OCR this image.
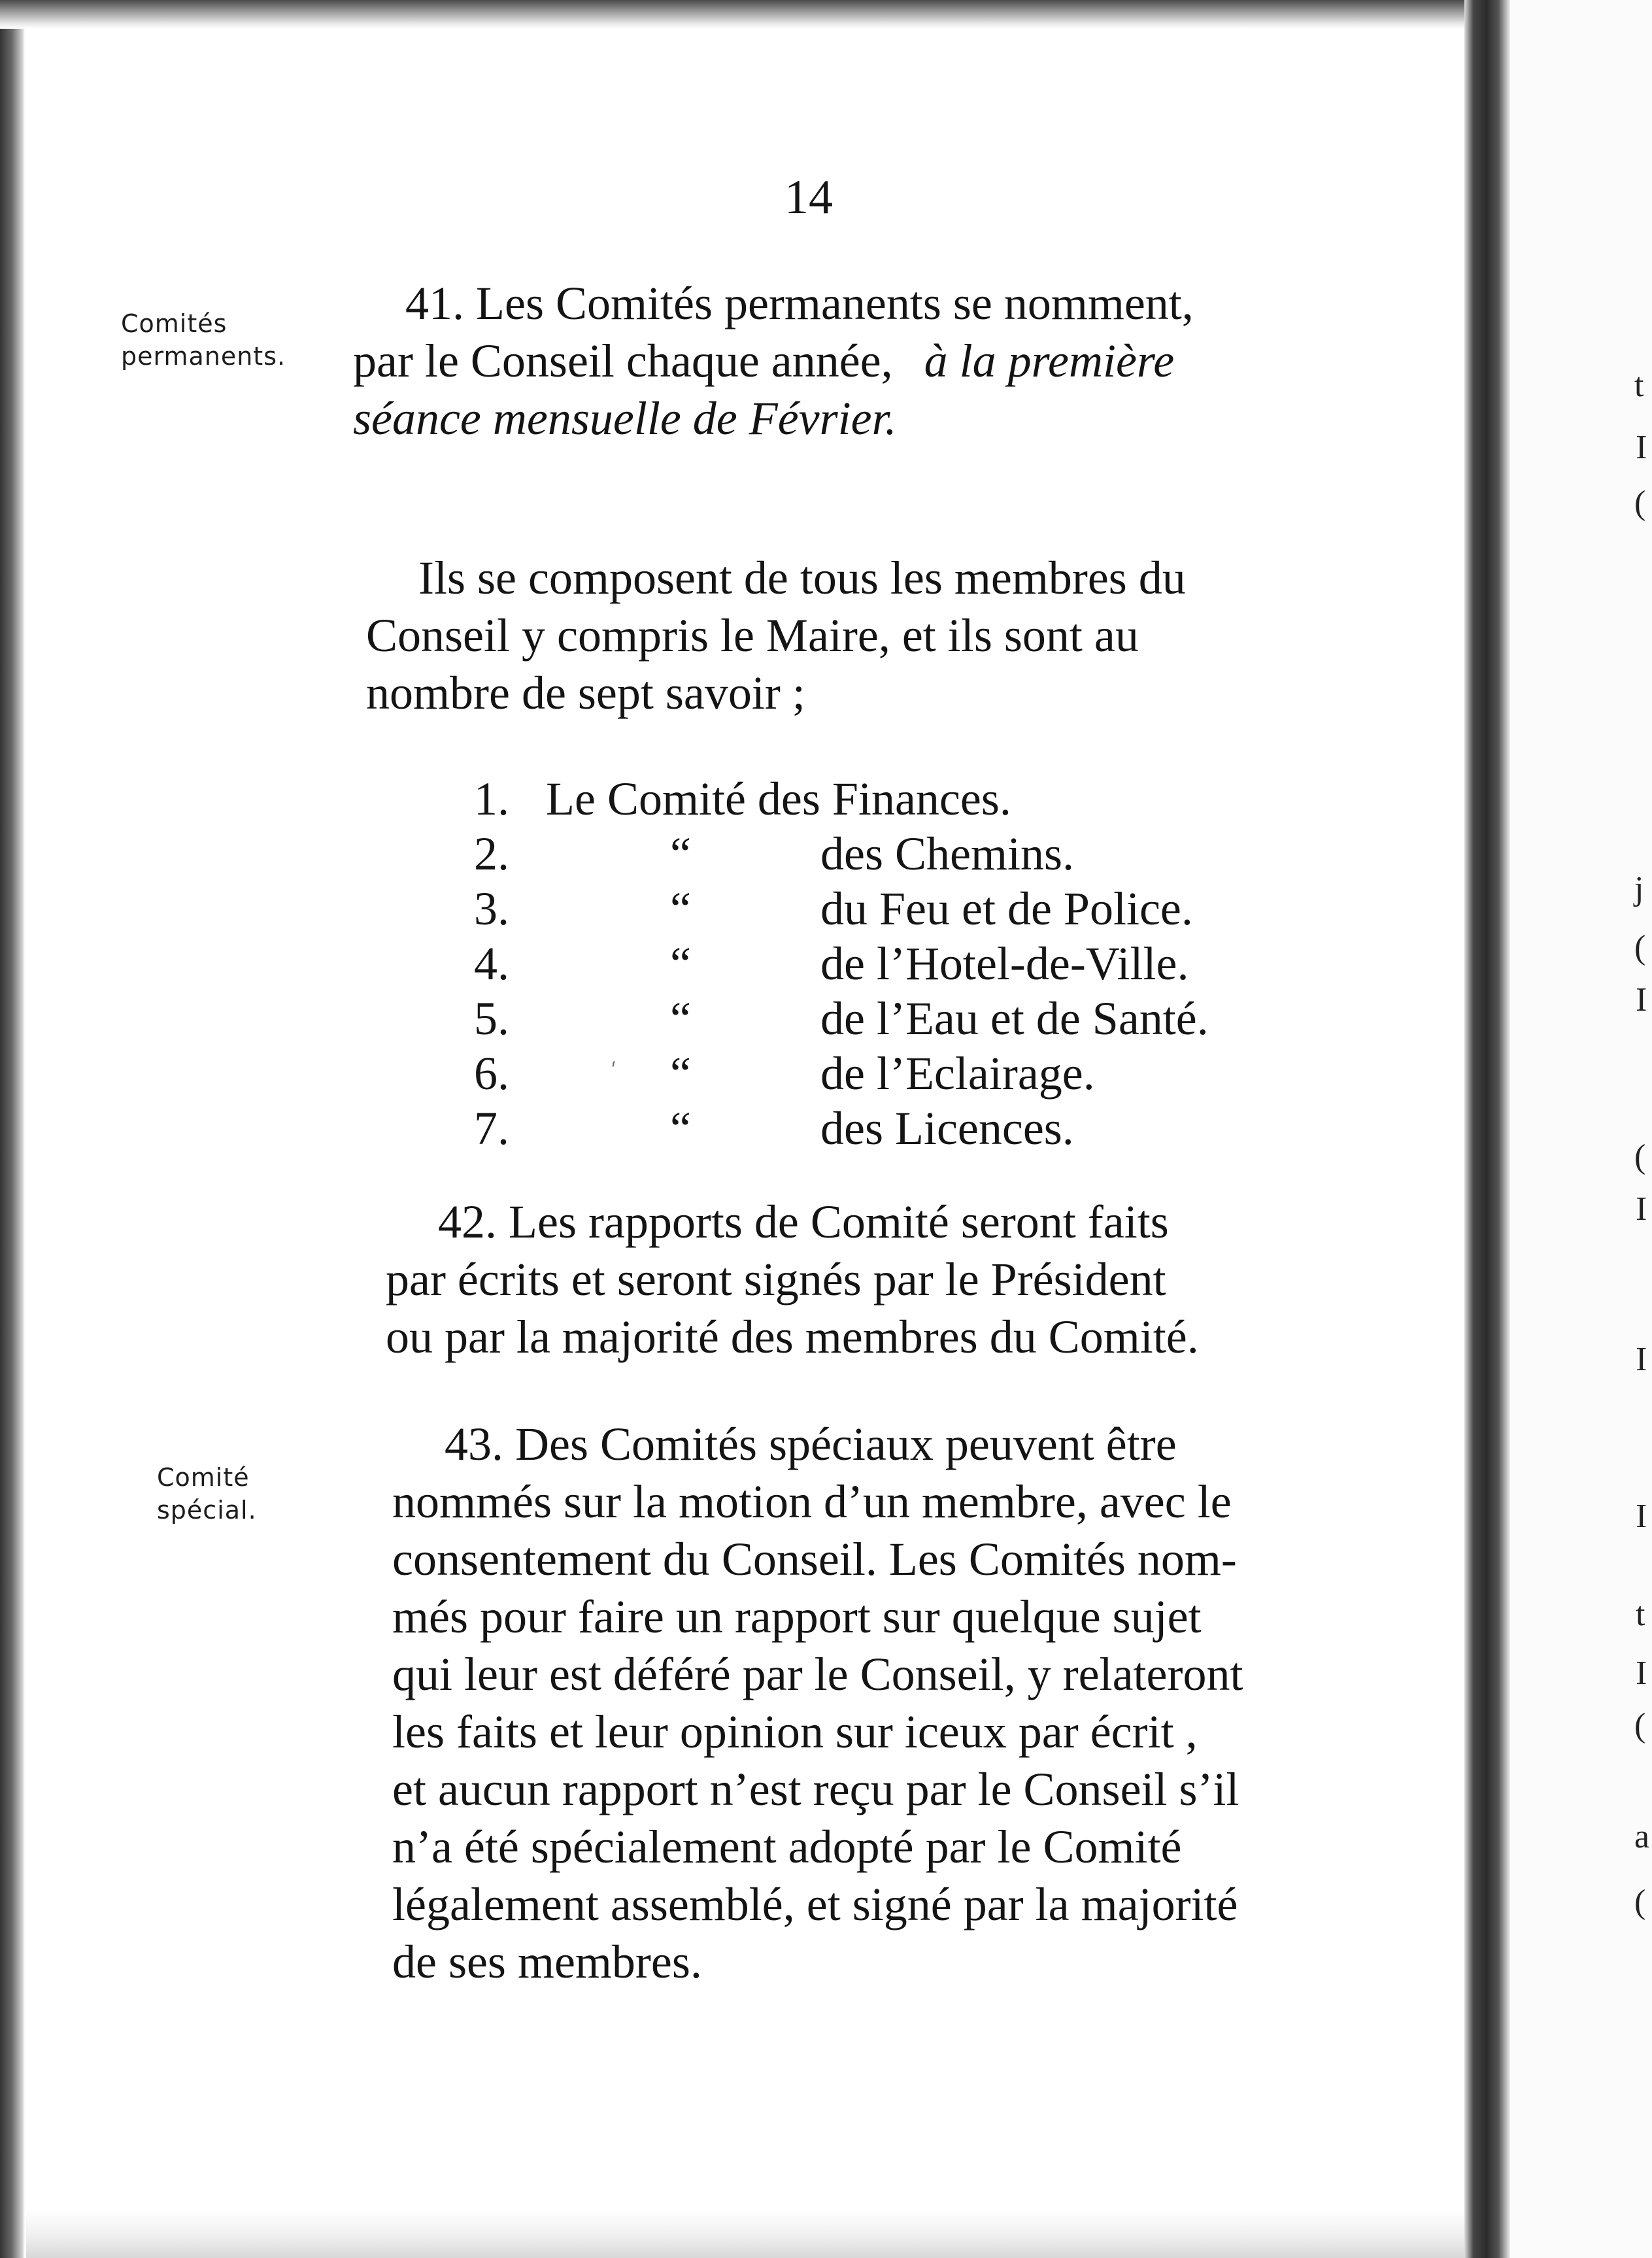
t
I
(
j
(
I
(
I
I
I
t
I
(
a
(
14
Comités
permanents.
41. Les Comités permanents se nomment,
par le Conseil chaque année, à la première
séance mensuelle de Février.
Ils se composent de tous les membres du
Conseil y compris le Maire, et ils sont au
nombre de sept savoir ;
1. Le Comité des Finances.
2.	“	des Chemins.
3.	“	du Feu et de Police.
4.	“	de l’Hotel-de-Ville.
5.	“	de l’Eau et de Santé.
6.	“	de l’Eclairage.
7.	“	des Licences.
ˊ
42. Les rapports de Comité seront faits
par écrits et seront signés par le Président
ou par la majorité des membres du Comité.
Comité
spécial.
43. Des Comités spéciaux peuvent être
nommés sur la motion d’un membre, avec le
consentement du Conseil. Les Comités nom-
més pour faire un rapport sur quelque sujet
qui leur est déféré par le Conseil, y relateront
les faits et leur opinion sur iceux par écrit ,
et aucun rapport n’est reçu par le Conseil s’il
n’a été spécialement adopté par le Comité
légalement assemblé, et signé par la majorité
de ses membres.
